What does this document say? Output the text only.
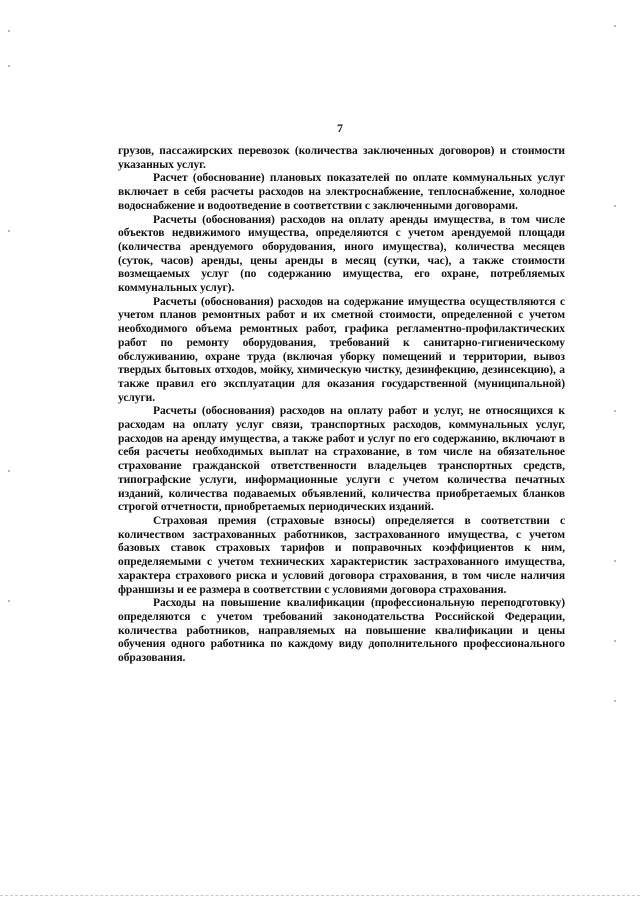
7

грузов, пассажирских перевозок (количества заключенных договоров) и стоимости указанных услуг.

Расчет (обоснование) плановых показателей по оплате коммунальных услуг включает в себя расчеты расходов на электроснабжение, теплоснабжение, холодное водоснабжение и водоотведение в соответствии с заключенными договорами.

Расчеты (обоснования) расходов на оплату аренды имущества, в том числе объектов недвижимого имущества, определяются с учетом арендуемой площади (количества арендуемого оборудования, иного имущества), количества месяцев (суток, часов) аренды, цены аренды в месяц (сутки, час), а также стоимости возмещаемых услуг (по содержанию имущества, его охране, потребляемых коммунальных услуг).

Расчеты (обоснования) расходов на содержание имущества осуществляются с учетом планов ремонтных работ и их сметной стоимости, определенной с учетом необходимого объема ремонтных работ, графика регламентно-профилактических работ по ремонту оборудования, требований к санитарно-гигиеническому обслуживанию, охране труда (включая уборку помещений и территории, вывоз твердых бытовых отходов, мойку, химическую чистку, дезинфекцию, дезинсекцию), а также правил его эксплуатации для оказания государственной (муниципальной) услуги.

Расчеты (обоснования) расходов на оплату работ и услуг, не относящихся к расходам на оплату услуг связи, транспортных расходов, коммунальных услуг, расходов на аренду имущества, а также работ и услуг по его содержанию, включают в себя расчеты необходимых выплат на страхование, в том числе на обязательное страхование гражданской ответственности владельцев транспортных средств, типографские услуги, информационные услуги с учетом количества печатных изданий, количества подаваемых объявлений, количества приобретаемых бланков строгой отчетности, приобретаемых периодических изданий.

Страховая премия (страховые взносы) определяется в соответствии с количеством застрахованных работников, застрахованного имущества, с учетом базовых ставок страховых тарифов и поправочных коэффициентов к ним, определяемыми с учетом технических характеристик застрахованного имущества, характера страхового риска и условий договора страхования, в том числе наличия франшизы и ее размера в соответствии с условиями договора страхования.

Расходы на повышение квалификации (профессиональную переподготовку) определяются с учетом требований законодательства Российской Федерации, количества работников, направляемых на повышение квалификации и цены обучения одного работника по каждому виду дополнительного профессионального образования.
